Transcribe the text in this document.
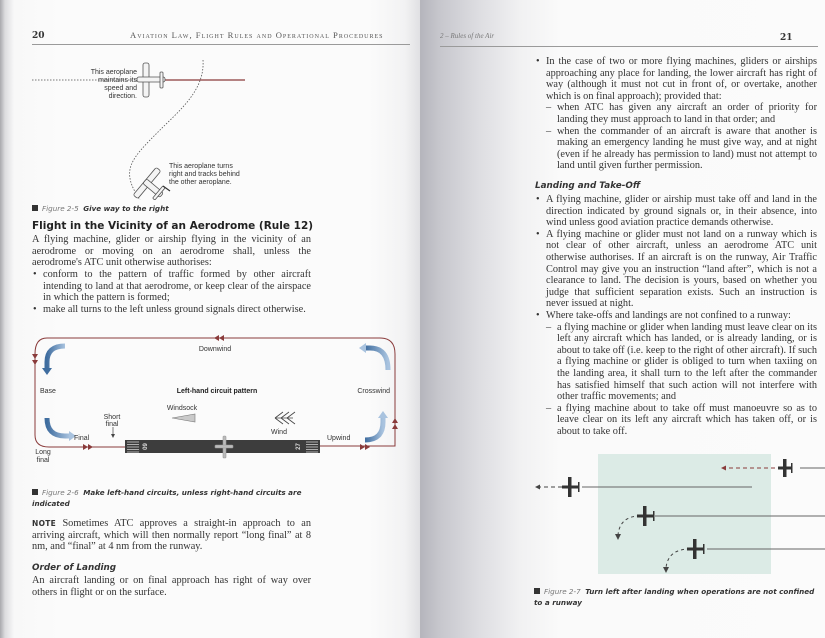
20	Aviation Law, Flight Rules and Operational Procedures
This aeroplane
maintains its
speed and
direction.
This aeroplane turns
right and tracks behind
the other aeroplane.
Figure 2-5 Give way to the right
Flight in the Vicinity of an Aerodrome (Rule 12)
A flying machine, glider or airship flying in the vicinity of an aerodrome or moving on an aerodrome shall, unless the aerodrome's ATC unit otherwise authorises:
• conform to the pattern of traffic formed by other aircraft intending to land at that aerodrome, or keep clear of the airspace in which the pattern is formed;
• make all turns to the left unless ground signals direct otherwise.
09	27
Downwind
Base	Crosswind
Left-hand circuit pattern
Short
final
Windsock
Wind
Final	Upwind
Long
final
Figure 2-6 Make left-hand circuits, unless right-hand circuits are indicated
NOTE Sometimes ATC approves a straight-in approach to an arriving aircraft, which will then normally report “long final” at 8 nm, and “final” at 4 nm from the runway.
Order of Landing
An aircraft landing or on final approach has right of way over others in flight or on the surface.
2 – Rules of the Air	21
• In the case of two or more flying machines, gliders or airships approaching any place for landing, the lower aircraft has right of way (although it must not cut in front of, or overtake, another which is on final approach); provided that:
– when ATC has given any aircraft an order of priority for landing they must approach to land in that order; and
– when the commander of an aircraft is aware that another is making an emergency landing he must give way, and at night (even if he already has permission to land) must not attempt to land until given further permission.
Landing and Take-Off
• A flying machine, glider or airship must take off and land in the direction indicated by ground signals or, in their absence, into wind unless good aviation practice demands otherwise.
• A flying machine or glider must not land on a runway which is not clear of other aircraft, unless an aerodrome ATC unit otherwise authorises. If an aircraft is on the runway, Air Traffic Control may give you an instruction “land after”, which is not a clearance to land. The decision is yours, based on whether you judge that sufficient separation exists. Such an instruction is never issued at night.
• Where take-offs and landings are not confined to a runway:
– a flying machine or glider when landing must leave clear on its left any aircraft which has landed, or is already landing, or is about to take off (i.e. keep to the right of other aircraft). If such a flying machine or glider is obliged to turn when taxiing on the landing area, it shall turn to the left after the commander has satisfied himself that such action will not interfere with other traffic movements; and
– a flying machine about to take off must manoeuvre so as to leave clear on its left any aircraft which has taken off, or is about to take off.
Figure 2-7 Turn left after landing when operations are not confined to a runway
